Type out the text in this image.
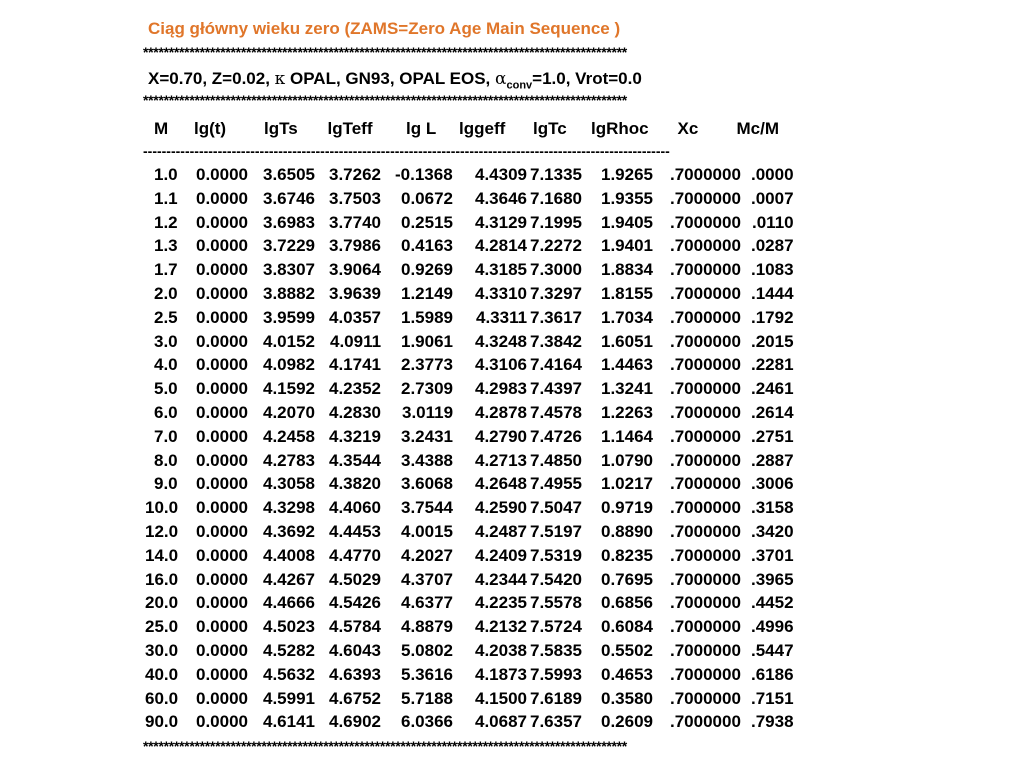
Ciąg główny wieku zero (ZAMS=Zero Age Main Sequence )
**********************************************************************************************

X=0.70, Z=0.02, κ OPAL, GN93, OPAL EOS, $\alpha_{conv}=1.0$, Vrot=0.0

**********************************************************************************************
M lg(t) lgTs lgTeff lg L lggeff lgTc lgRhoc Xc Mc/M
-----------------------------------------------------------------------------------------------------------------
1.0 0.0000 3.6505 3.7262 -0.1368 4.4309 7.1335 1.9265 .7000000 .0000
1.1 0.0000 3.6746 3.7503 0.0672 4.3646 7.1680 1.9355 .7000000 .0007
1.2 0.0000 3.6983 3.7740 0.2515 4.3129 7.1995 1.9405 .7000000 .0110
1.3 0.0000 3.7229 3.7986 0.4163 4.2814 7.2272 1.9401 .7000000 .0287
1.7 0.0000 3.8307 3.9064 0.9269 4.3185 7.3000 1.8834 .7000000 .1083
2.0 0.0000 3.8882 3.9639 1.2149 4.3310 7.3297 1.8155 .7000000 .1444
2.5 0.0000 3.9599 4.0357 1.5989 4.3311 7.3617 1.7034 .7000000 .1792
3.0 0.0000 4.0152 4.0911 1.9061 4.3248 7.3842 1.6051 .7000000 .2015
4.0 0.0000 4.0982 4.1741 2.3773 4.3106 7.4164 1.4463 .7000000 .2281
5.0 0.0000 4.1592 4.2352 2.7309 4.2983 7.4397 1.3241 .7000000 .2461
6.0 0.0000 4.2070 4.2830 3.0119 4.2878 7.4578 1.2263 .7000000 .2614
7.0 0.0000 4.2458 4.3219 3.2431 4.2790 7.4726 1.1464 .7000000 .2751
8.0 0.0000 4.2783 4.3544 3.4388 4.2713 7.4850 1.0790 .7000000 .2887
9.0 0.0000 4.3058 4.3820 3.6068 4.2648 7.4955 1.0217 .7000000 .3006
10.0 0.0000 4.3298 4.4060 3.7544 4.2590 7.5047 0.9719 .7000000 .3158
12.0 0.0000 4.3692 4.4453 4.0015 4.2487 7.5197 0.8890 .7000000 .3420
14.0 0.0000 4.4008 4.4770 4.2027 4.2409 7.5319 0.8235 .7000000 .3701
16.0 0.0000 4.4267 4.5029 4.3707 4.2344 7.5420 0.7695 .7000000 .3965
20.0 0.0000 4.4666 4.5426 4.6377 4.2235 7.5578 0.6856 .7000000 .4452
25.0 0.0000 4.5023 4.5784 4.8879 4.2132 7.5724 0.6084 .7000000 .4996
30.0 0.0000 4.5282 4.6043 5.0802 4.2038 7.5835 0.5502 .7000000 .5447
40.0 0.0000 4.5632 4.6393 5.3616 4.1873 7.5993 0.4653 .7000000 .6186
60.0 0.0000 4.5991 4.6752 5.7188 4.1500 7.6189 0.3580 .7000000 .7151
90.0 0.0000 4.6141 4.6902 6.0366 4.0687 7.6357 0.2609 .7000000 .7938
**********************************************************************************************
